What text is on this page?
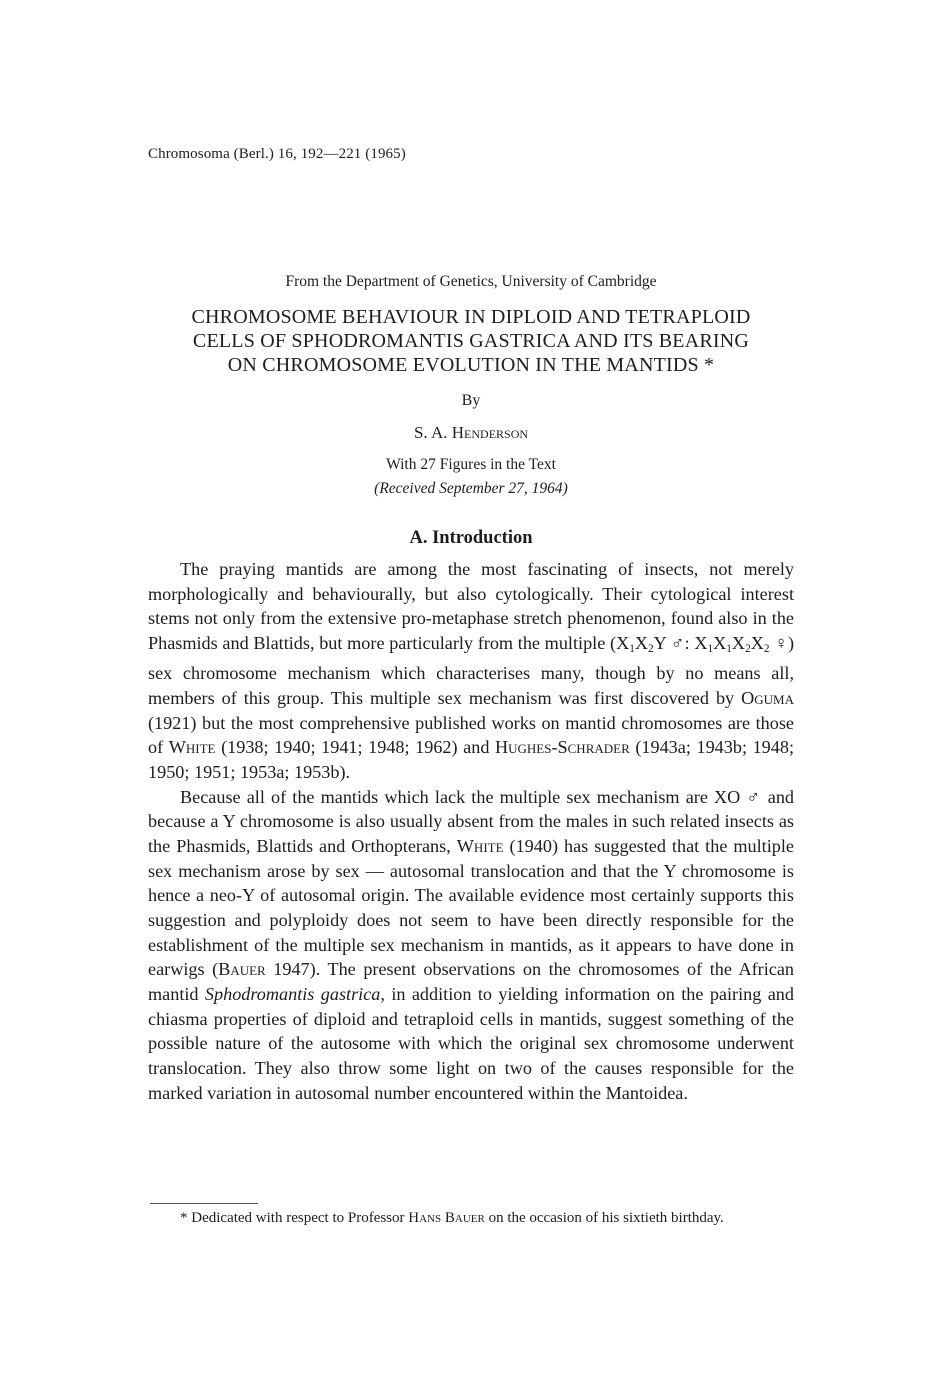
Chromosoma (Berl.) 16, 192—221 (1965)
From the Department of Genetics, University of Cambridge
CHROMOSOME BEHAVIOUR IN DIPLOID AND TETRAPLOID
CELLS OF SPHODROMANTIS GASTRICA AND ITS BEARING
ON CHROMOSOME EVOLUTION IN THE MANTIDS *
By
S. A. Henderson
With 27 Figures in the Text
(Received September 27, 1964)
A. Introduction

The praying mantids are among the most fascinating of insects, not merely morphologically and behaviourally, but also cytologically. Their cytological interest stems not only from the extensive pro-metaphase stretch phenomenon, found also in the Phasmids and Blattids, but more particularly from the multiple ($X_1X_2Y$ ♂: $X_1X_1X_2X_2$ ♀) sex chromosome mechanism which characterises many, though by no means all, members of this group. This multiple sex mechanism was first discovered by Oguma (1921) but the most comprehensive published works on mantid chromosomes are those of White (1938; 1940; 1941; 1948; 1962) and Hughes-Schrader (1943a; 1943b; 1948; 1950; 1951; 1953a; 1953b).

Because all of the mantids which lack the multiple sex mechanism are XO ♂ and because a Y chromosome is also usually absent from the males in such related insects as the Phasmids, Blattids and Orthopterans, White (1940) has suggested that the multiple sex mechanism arose by sex — autosomal translocation and that the Y chromosome is hence a neo-Y of autosomal origin. The available evidence most certainly supports this suggestion and polyploidy does not seem to have been directly responsible for the establishment of the multiple sex mechanism in mantids, as it appears to have done in earwigs (Bauer 1947). The present observations on the chromosomes of the African mantid Sphodromantis gastrica, in addition to yielding information on the pairing and chiasma properties of diploid and tetraploid cells in mantids, suggest something of the possible nature of the autosome with which the original sex chromosome underwent translocation. They also throw some light on two of the causes responsible for the marked variation in autosomal number encountered within the Mantoidea.

* Dedicated with respect to Professor Hans Bauer on the occasion of his sixtieth birthday.
